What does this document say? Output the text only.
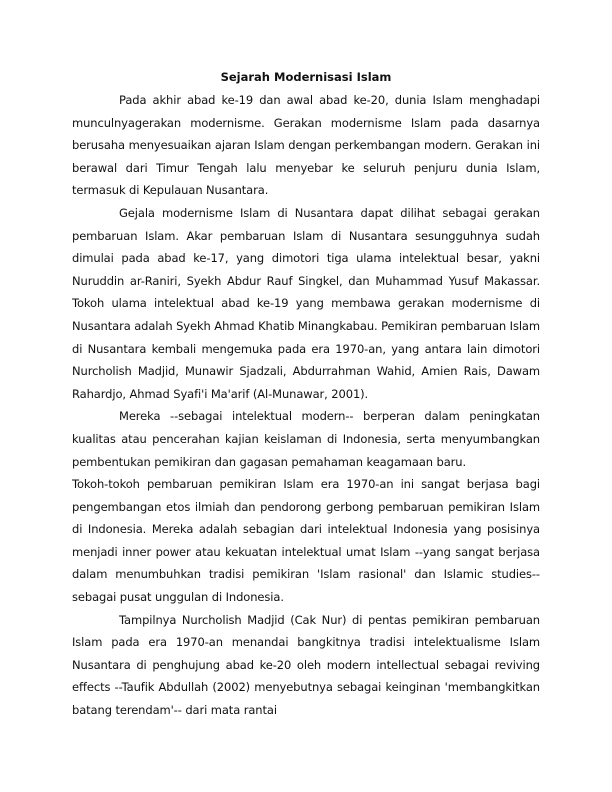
Sejarah Modernisasi Islam

Pada akhir abad ke-19 dan awal abad ke-20, dunia Islam menghadapi munculnyagerakan modernisme. Gerakan modernisme Islam pada dasarnya berusaha menyesuaikan ajaran Islam dengan perkembangan modern. Gerakan ini berawal dari Timur Tengah lalu menyebar ke seluruh penjuru dunia Islam, termasuk di Kepulauan Nusantara.

Gejala modernisme Islam di Nusantara dapat dilihat sebagai gerakan pembaruan Islam. Akar pembaruan Islam di Nusantara sesungguhnya sudah dimulai pada abad ke-17, yang dimotori tiga ulama intelektual besar, yakni Nuruddin ar-Raniri, Syekh Abdur Rauf Singkel, dan Muhammad Yusuf Makassar. Tokoh ulama intelektual abad ke-19 yang membawa gerakan modernisme di Nusantara adalah Syekh Ahmad Khatib Minangkabau. Pemikiran pembaruan Islam di Nusantara kembali mengemuka pada era 1970-an, yang antara lain dimotori Nurcholish Madjid, Munawir Sjadzali, Abdurrahman Wahid, Amien Rais, Dawam Rahardjo, Ahmad Syafi'i Ma'arif (Al-Munawar, 2001).

Mereka --sebagai intelektual modern-- berperan dalam peningkatan kualitas atau pencerahan kajian keislaman di Indonesia, serta menyumbangkan pembentukan pemikiran dan gagasan pemahaman keagamaan baru.

Tokoh-tokoh pembaruan pemikiran Islam era 1970-an ini sangat berjasa bagi pengembangan etos ilmiah dan pendorong gerbong pembaruan pemikiran Islam di Indonesia. Mereka adalah sebagian dari intelektual Indonesia yang posisinya menjadi inner power atau kekuatan intelektual umat Islam --yang sangat berjasa dalam menumbuhkan tradisi pemikiran 'Islam rasional' dan Islamic studies-- sebagai pusat unggulan di Indonesia.

Tampilnya Nurcholish Madjid (Cak Nur) di pentas pemikiran pembaruan Islam pada era 1970-an menandai bangkitnya tradisi intelektualisme Islam Nusantara di penghujung abad ke-20 oleh modern intellectual sebagai reviving effects --Taufik Abdullah (2002) menyebutnya sebagai keinginan 'membangkitkan batang terendam'-- dari mata rantai
